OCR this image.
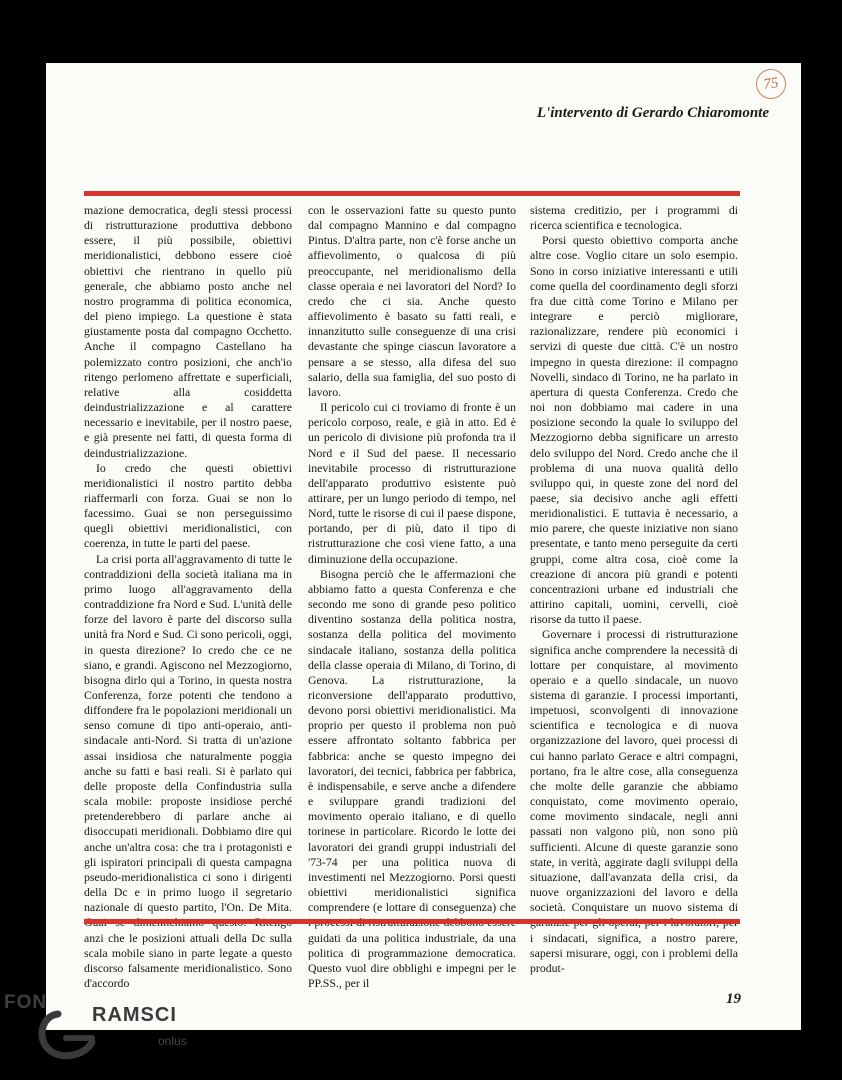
75
L'intervento di Gerardo Chiaromonte

mazione democratica, degli stessi processi di ristrutturazione produttiva debbono essere, il più possibile, obiettivi meridionalistici, debbono essere cioè obiettivi che rientrano in quello più generale, che abbiamo posto anche nel nostro programma di politica economica, del pieno impiego. La questione è stata giustamente posta dal compagno Occhetto. Anche il compagno Castellano ha polemizzato contro posizioni, che anch'io ritengo perlomeno affrettate e superficiali, relative alla cosiddetta deindustrializzazione e al carattere necessario e inevitabile, per il nostro paese, e già presente nei fatti, di questa forma di deindustrializzazione.

Io credo che questi obiettivi meridionalistici il nostro partito debba riaffermarli con forza. Guai se non lo facessimo. Guai se non perseguissimo quegli obiettivi meridionalistici, con coerenza, in tutte le parti del paese.

La crisi porta all'aggravamento di tutte le contraddizioni della società italiana ma in primo luogo all'aggravamento della contraddizione fra Nord e Sud. L'unità delle forze del lavoro è parte del discorso sulla unità fra Nord e Sud. Ci sono pericoli, oggi, in questa direzione? Io credo che ce ne siano, e grandi. Agiscono nel Mezzogiorno, bisogna dirlo qui a Torino, in questa nostra Conferenza, forze potenti che tendono a diffondere fra le popolazioni meridionali un senso comune di tipo anti-operaio, anti-sindacale anti-Nord. Si tratta di un'azione assai insidiosa che naturalmente poggia anche su fatti e basi reali. Si è parlato qui delle proposte della Confindustria sulla scala mobile: proposte insidiose perché pretenderebbero di parlare anche ai disoccupati meridionali. Dobbiamo dire qui anche un'altra cosa: che tra i protagonisti e gli ispiratori principali di questa campagna pseudo-meridionalistica ci sono i dirigenti della Dc e in primo luogo il segretario nazionale di questo partito, l'On. De Mita. anzi che le posizioni attuali della Dc sulla scala mobile siano in parte legate a questo discorso falsamente meridionalistico. Sono d'accordo

con le osservazioni fatte su questo punto dal compagno Mannino e dal compagno Pintus. D'altra parte, non c'è forse anche un affievolimento, o qualcosa di più preoccupante, nel meridionalismo della classe operaia e nei lavoratori del Nord? Io credo che ci sia. Anche questo affievolimento è basato su fatti reali, e innanzitutto sulle conseguenze di una crisi devastante che spinge ciascun lavoratore a pensare a se stesso, alla difesa del suo salario, della sua famiglia, del suo posto di lavoro.

Il pericolo cui ci troviamo di fronte è un pericolo corposo, reale, e già in atto. Ed è un pericolo di divisione più profonda tra il Nord e il Sud del paese. Il necessario inevitabile processo di ristrutturazione dell'apparato produttivo esistente può attirare, per un lungo periodo di tempo, nel Nord, tutte le risorse di cui il paese dispone, portando, per di più, dato il tipo di ristrutturazione che così viene fatto, a una diminuzione della occupazione.

Bisogna perciò che le affermazioni che abbiamo fatto a questa Conferenza e che secondo me sono di grande peso politico diventino sostanza della politica nostra, sostanza della politica del movimento sindacale italiano, sostanza della politica della classe operaia di Milano, di Torino, di Genova. La ristrutturazione, la riconversione dell'apparato produttivo, devono porsi obiettivi meridionalistici. Ma proprio per questo il problema non può essere affrontato soltanto fabbrica per fabbrica: anche se questo impegno dei lavoratori, dei tecnici, fabbrica per fabbrica, è indispensabile, e serve anche a difendere e sviluppare grandi tradizioni del movimento operaio italiano, e di quello torinese in particolare. Ricordo le lotte dei lavoratori dei grandi gruppi industriali del '73-74 per una politica nuova di investimenti nel Mezzogiorno. Porsi questi obiettivi meridionalistici significa comprendere (e lottare di conseguenza) che guidati da una politica industriale, da una politica di programmazione democratica. Questo vuol dire obblighi e impegni per le PP.SS., per il

sistema creditizio, per i programmi di ricerca scientifica e tecnologica.

Porsi questo obiettivo comporta anche altre cose. Voglio citare un solo esempio. Sono in corso iniziative interessanti e utili come quella del coordinamento degli sforzi fra due città come Torino e Milano per integrare e perciò migliorare, razionalizzare, rendere più economici i servizi di queste due città. C'è un nostro impegno in questa direzione: il compagno Novelli, sindaco di Torino, ne ha parlato in apertura di questa Conferenza. Credo che noi non dobbiamo mai cadere in una posizione secondo la quale lo sviluppo del Mezzogiorno debba significare un arresto delo sviluppo del Nord. Credo anche che il problema di una nuova qualità dello sviluppo qui, in queste zone del nord del paese, sia decisivo anche agli effetti meridionalistici. E tuttavia è necessario, a mio parere, che queste iniziative non siano presentate, e tanto meno perseguite da certi gruppi, come altra cosa, cioè come la creazione di ancora più grandi e potenti concentrazioni urbane ed industriali che attirino capitali, uomini, cervelli, cioè risorse da tutto il paese.

Governare i processi di ristrutturazione significa anche comprendere la necessità di lottare per conquistare, al movimento operaio e a quello sindacale, un nuovo sistema di garanzie. I processi importanti, impetuosi, sconvolgenti di innovazione scientifica e tecnologica e di nuova organizzazione del lavoro, quei processi di cui hanno parlato Gerace e altri compagni, portano, fra le altre cose, alla conseguenza che molte delle garanzie che abbiamo conquistato, come movimento operaio, come movimento sindacale, negli anni passati non valgono più, non sono più sufficienti. Alcune di queste garanzie sono state, in verità, aggirate dagli sviluppi della situazione, dall'avanzata della crisi, da nuove organizzazioni del lavoro e della società. Conquistare un nuovo sistema di i sindacati, significa, a nostro parere, sapersi misurare, oggi, con i problemi della produt-

19
FON
RAMSCI
onlus
